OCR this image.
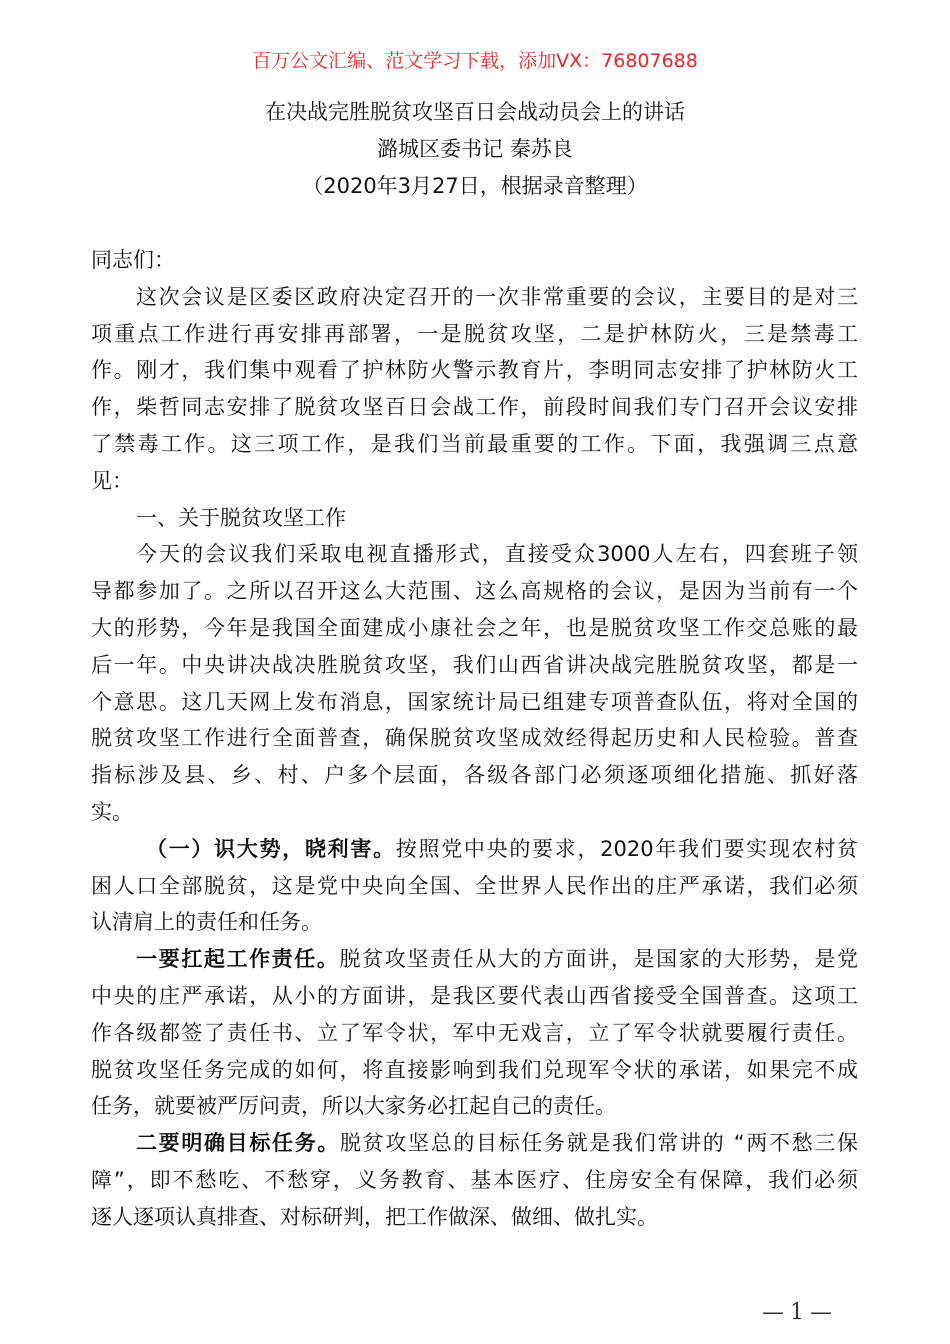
百万公文汇编、范文学习下载，添加VX：76807688
在决战完胜脱贫攻坚百日会战动员会上的讲话
潞城区委书记 秦苏良
（2020年3月27日，根据录音整理）
同志们：
这次会议是区委区政府决定召开的一次非常重要的会议，主要目的是对三
项重点工作进行再安排再部署，一是脱贫攻坚，二是护林防火，三是禁毒工
作。刚才，我们集中观看了护林防火警示教育片，李明同志安排了护林防火工
作，柴哲同志安排了脱贫攻坚百日会战工作，前段时间我们专门召开会议安排
了禁毒工作。这三项工作，是我们当前最重要的工作。下面，我强调三点意
见：
一、关于脱贫攻坚工作
今天的会议我们采取电视直播形式，直接受众3000人左右，四套班子领
导都参加了。之所以召开这么大范围、这么高规格的会议，是因为当前有一个
大的形势，今年是我国全面建成小康社会之年，也是脱贫攻坚工作交总账的最
后一年。中央讲决战决胜脱贫攻坚，我们山西省讲决战完胜脱贫攻坚，都是一
个意思。这几天网上发布消息，国家统计局已组建专项普查队伍，将对全国的
脱贫攻坚工作进行全面普查，确保脱贫攻坚成效经得起历史和人民检验。普查
指标涉及县、乡、村、户多个层面，各级各部门必须逐项细化措施、抓好落
实。
（一）识大势，晓利害。按照党中央的要求，2020年我们要实现农村贫
困人口全部脱贫，这是党中央向全国、全世界人民作出的庄严承诺，我们必须
认清肩上的责任和任务。
一要扛起工作责任。脱贫攻坚责任从大的方面讲，是国家的大形势，是党
中央的庄严承诺，从小的方面讲，是我区要代表山西省接受全国普查。这项工
作各级都签了责任书、立了军令状，军中无戏言，立了军令状就要履行责任。
脱贫攻坚任务完成的如何，将直接影响到我们兑现军令状的承诺，如果完不成
任务，就要被严厉问责，所以大家务必扛起自己的责任。
二要明确目标任务。脱贫攻坚总的目标任务就是我们常讲的 “两不愁三保
障”，即不愁吃、不愁穿，义务教育、基本医疗、住房安全有保障，我们必须
逐人逐项认真排查、对标研判，把工作做深、做细、做扎实。
—1—
